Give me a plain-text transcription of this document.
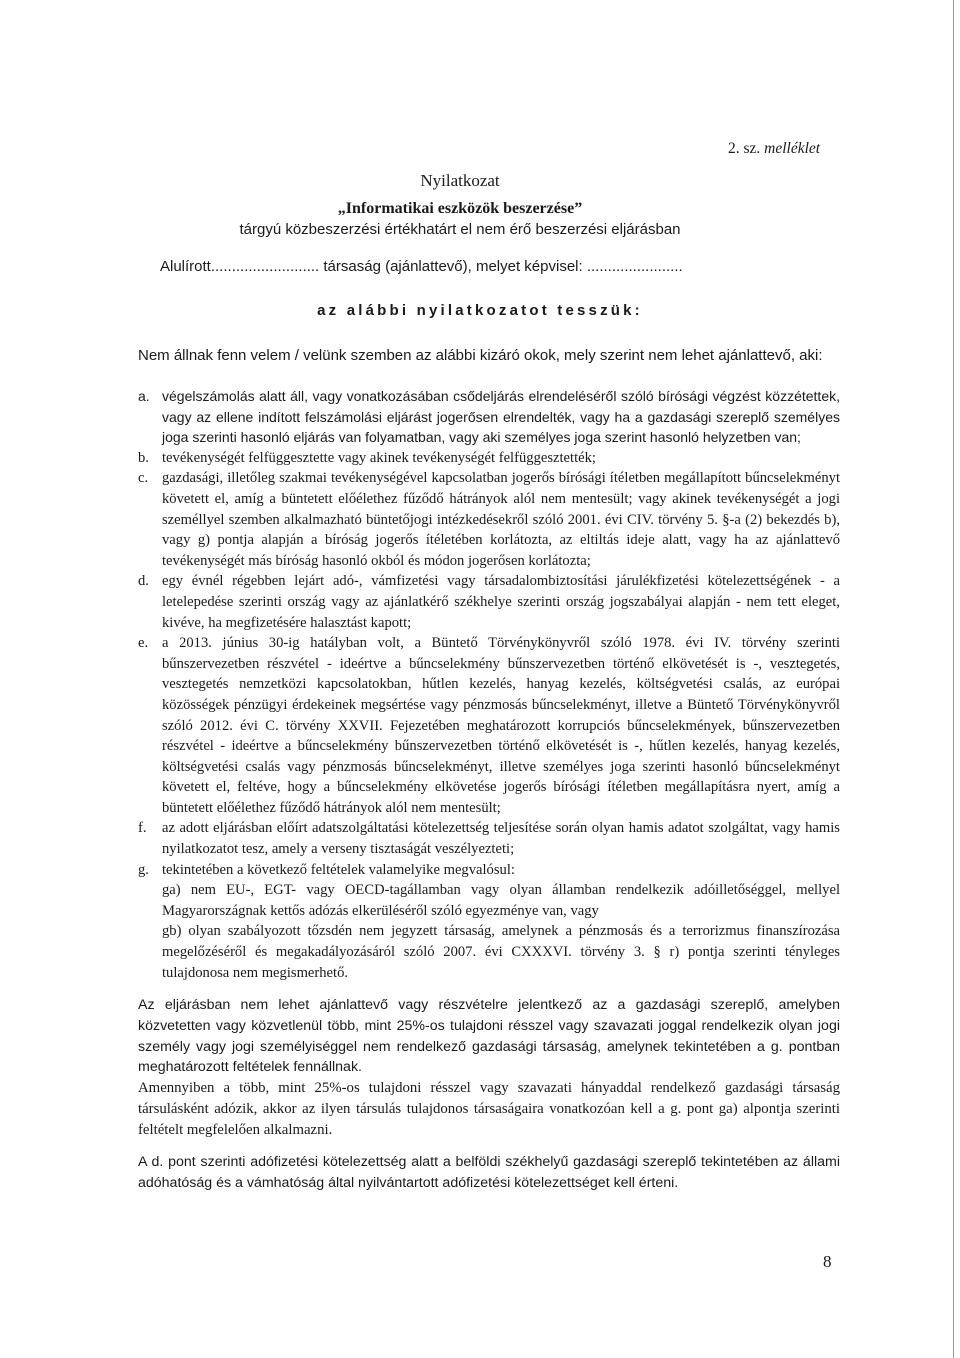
2. sz. melléklet
Nyilatkozat
„Informatikai eszközök beszerzése”
tárgyú közbeszerzési értékhatárt el nem érő beszerzési eljárásban
Alulírott.......................... társaság (ajánlattevő), melyet képvisel: .......................
az alábbi nyilatkozatot tesszük:
Nem állnak fenn velem / velünk szemben az alábbi kizáró okok, mely szerint nem lehet ajánlattevő, aki:
a. végelszámolás alatt áll, vagy vonatkozásában csődeljárás elrendeléséről szóló bírósági végzést közzétettek, vagy az ellene indított felszámolási eljárást jogerősen elrendelték, vagy ha a gazdasági szereplő személyes joga szerinti hasonló eljárás van folyamatban, vagy aki személyes joga szerint hasonló helyzetben van;
b. tevékenységét felfüggesztette vagy akinek tevékenységét felfüggesztették;
c. gazdasági, illetőleg szakmai tevékenységével kapcsolatban jogerős bírósági ítéletben megállapított bűncselekményt követett el, amíg a büntetett előélethez fűződő hátrányok alól nem mentesült; vagy akinek tevékenységét a jogi személlyel szemben alkalmazható büntetőjogi intézkedésekről szóló 2001. évi CIV. törvény 5. §-a (2) bekezdés b), vagy g) pontja alapján a bíróság jogerős ítéletében korlátozta, az eltiltás ideje alatt, vagy ha az ajánlattevő tevékenységét más bíróság hasonló okból és módon jogerősen korlátozta;
d. egy évnél régebben lejárt adó-, vámfizetési vagy társadalombiztosítási járulékfizetési kötelezettségének - a letelepedése szerinti ország vagy az ajánlatkérő székhelye szerinti ország jogszabályai alapján - nem tett eleget, kivéve, ha megfizetésére halasztást kapott;
e. a 2013. június 30-ig hatályban volt, a Büntető Törvénykönyvről szóló 1978. évi IV. törvény szerinti bűnszervezetben részvétel - ideértve a bűncselekmény bűnszervezetben történő elkövetését is -, vesztegetés, vesztegetés nemzetközi kapcsolatokban, hűtlen kezelés, hanyag kezelés, költségvetési csalás, az európai közösségek pénzügyi érdekeinek megsértése vagy pénzmosás bűncselekményt, illetve a Büntető Törvénykönyvről szóló 2012. évi C. törvény XXVII. Fejezetében meghatározott korrupciós bűncselekmények, bűnszervezetben részvétel - ideértve a bűncselekmény bűnszervezetben történő elkövetését is -, hűtlen kezelés, hanyag kezelés, költségvetési csalás vagy pénzmosás bűncselekményt, illetve személyes joga szerinti hasonló bűncselekményt követett el, feltéve, hogy a bűncselekmény elkövetése jogerős bírósági ítéletben megállapításra nyert, amíg a büntetett előélethez fűződő hátrányok alól nem mentesült;
f. az adott eljárásban előírt adatszolgáltatási kötelezettség teljesítése során olyan hamis adatot szolgáltat, vagy hamis nyilatkozatot tesz, amely a verseny tisztaságát veszélyezteti;
g. tekintetében a következő feltételek valamelyike megvalósul:
ga) nem EU-, EGT- vagy OECD-tagállamban vagy olyan államban rendelkezik adóilletőséggel, mellyel Magyarországnak kettős adózás elkerüléséről szóló egyezménye van, vagy
gb) olyan szabályozott tőzsdén nem jegyzett társaság, amelynek a pénzmosás és a terrorizmus finanszírozása megelőzéséről és megakadályozásáról szóló 2007. évi CXXXVI. törvény 3. § r) pontja szerinti tényleges tulajdonosa nem megismerhető.
Az eljárásban nem lehet ajánlattevő vagy részvételre jelentkező az a gazdasági szereplő, amelyben közvetetten vagy közvetlenül több, mint 25%-os tulajdoni résszel vagy szavazati joggal rendelkezik olyan jogi személy vagy jogi személyiséggel nem rendelkező gazdasági társaság, amelynek tekintetében a g. pontban meghatározott feltételek fennállnak.
A d. pont szerinti adófizetési kötelezettség alatt a belföldi székhelyű gazdasági szereplő tekintetében az állami adóhatóság és a vámhatóság által nyilvántartott adófizetési kötelezettséget kell érteni.
Amennyiben a több, mint 25%-os tulajdoni résszel vagy szavazati hányaddal rendelkező gazdasági társaság társulásként adózik, akkor az ilyen társulás tulajdonos társaságaira vonatkozóan kell a g. pont ga) alpontja szerinti feltételt megfelelően alkalmazni.
8
